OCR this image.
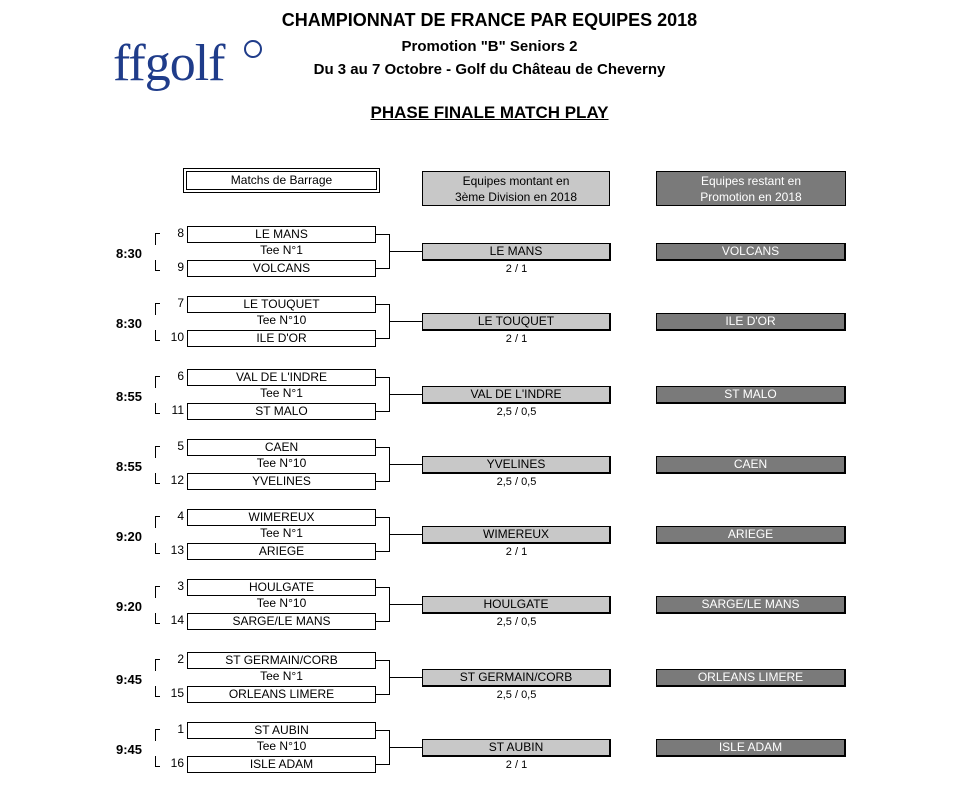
ffgolf
CHAMPIONNAT DE FRANCE PAR EQUIPES 2018
Promotion "B" Seniors 2
Du 3 au 7 Octobre - Golf du Château de Cheverny
PHASE FINALE MATCH PLAY
Matchs de Barrage	Equipes montant en
3ème Division en 2018
Equipes restant en
Promotion en 2018
8:30
8
9
LE MANS
Tee N°1
VOLCANS
LE MANS
2 / 1
VOLCANS
8:30
7
10
LE TOUQUET
Tee N°10
ILE D'OR
LE TOUQUET
2 / 1
ILE D'OR
8:55
6
11
VAL DE L'INDRE
Tee N°1
ST MALO
VAL DE L'INDRE
2,5 / 0,5
ST MALO
8:55
5
12
CAEN
Tee N°10
YVELINES
YVELINES
2,5 / 0,5
CAEN
9:20
4
13
WIMEREUX
Tee N°1
ARIEGE
WIMEREUX
2 / 1
ARIEGE
9:20
3
14
HOULGATE
Tee N°10
SARGE/LE MANS
HOULGATE
2,5 / 0,5
SARGE/LE MANS
9:45
2
15
ST GERMAIN/CORB
Tee N°1
ORLEANS LIMERE
ST GERMAIN/CORB
2,5 / 0,5
ORLEANS LIMERE
9:45
1
16
ST AUBIN
Tee N°10
ISLE ADAM
ST AUBIN
2 / 1
ISLE ADAM
